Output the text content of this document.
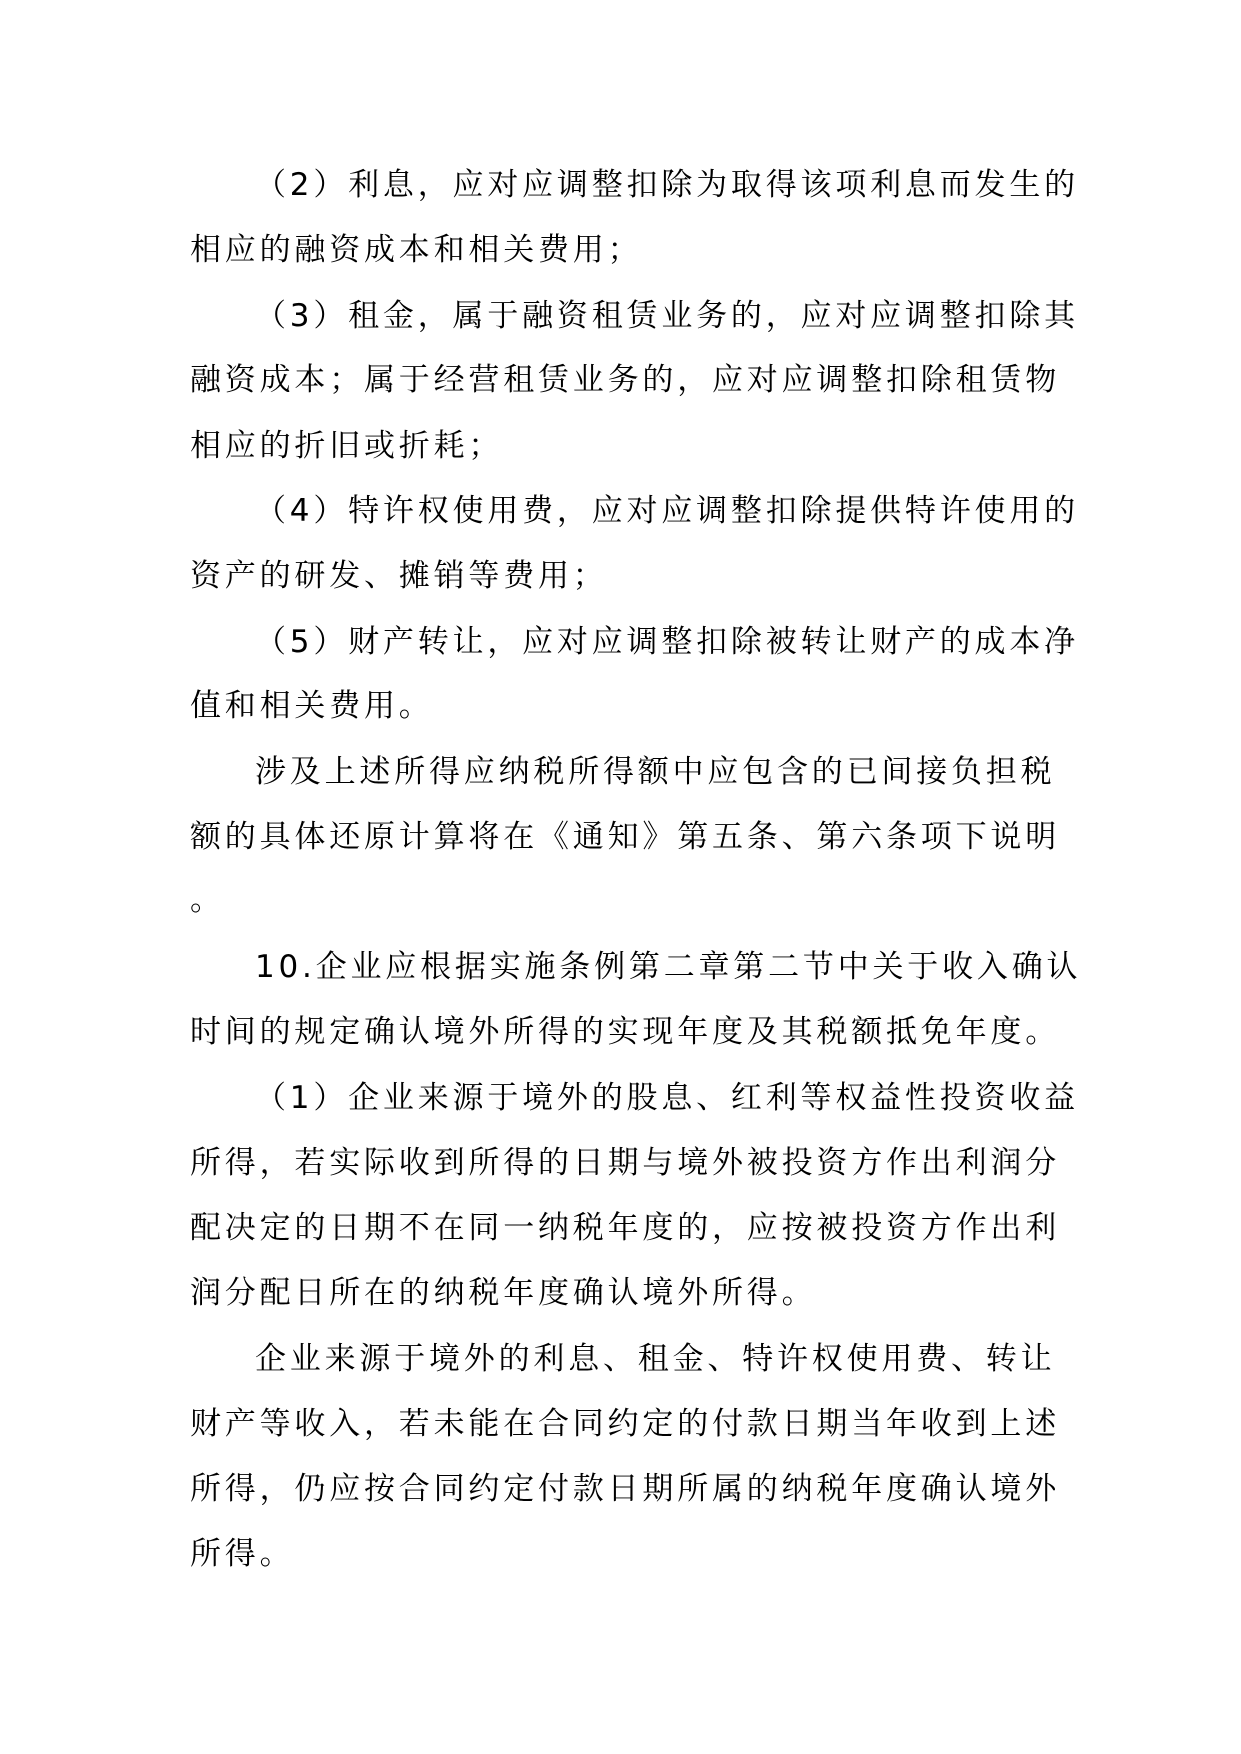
（2）利息，应对应调整扣除为取得该项利息而发生的
相应的融资成本和相关费用；
（3）租金，属于融资租赁业务的，应对应调整扣除其
融资成本；属于经营租赁业务的，应对应调整扣除租赁物
相应的折旧或折耗；
（4）特许权使用费，应对应调整扣除提供特许使用的
资产的研发、摊销等费用；
（5）财产转让，应对应调整扣除被转让财产的成本净
值和相关费用。
涉及上述所得应纳税所得额中应包含的已间接负担税
额的具体还原计算将在《通知》第五条、第六条项下说明
。
10.企业应根据实施条例第二章第二节中关于收入确认
时间的规定确认境外所得的实现年度及其税额抵免年度。
（1）企业来源于境外的股息、红利等权益性投资收益
所得，若实际收到所得的日期与境外被投资方作出利润分
配决定的日期不在同一纳税年度的，应按被投资方作出利
润分配日所在的纳税年度确认境外所得。
企业来源于境外的利息、租金、特许权使用费、转让
财产等收入，若未能在合同约定的付款日期当年收到上述
所得，仍应按合同约定付款日期所属的纳税年度确认境外
所得。
